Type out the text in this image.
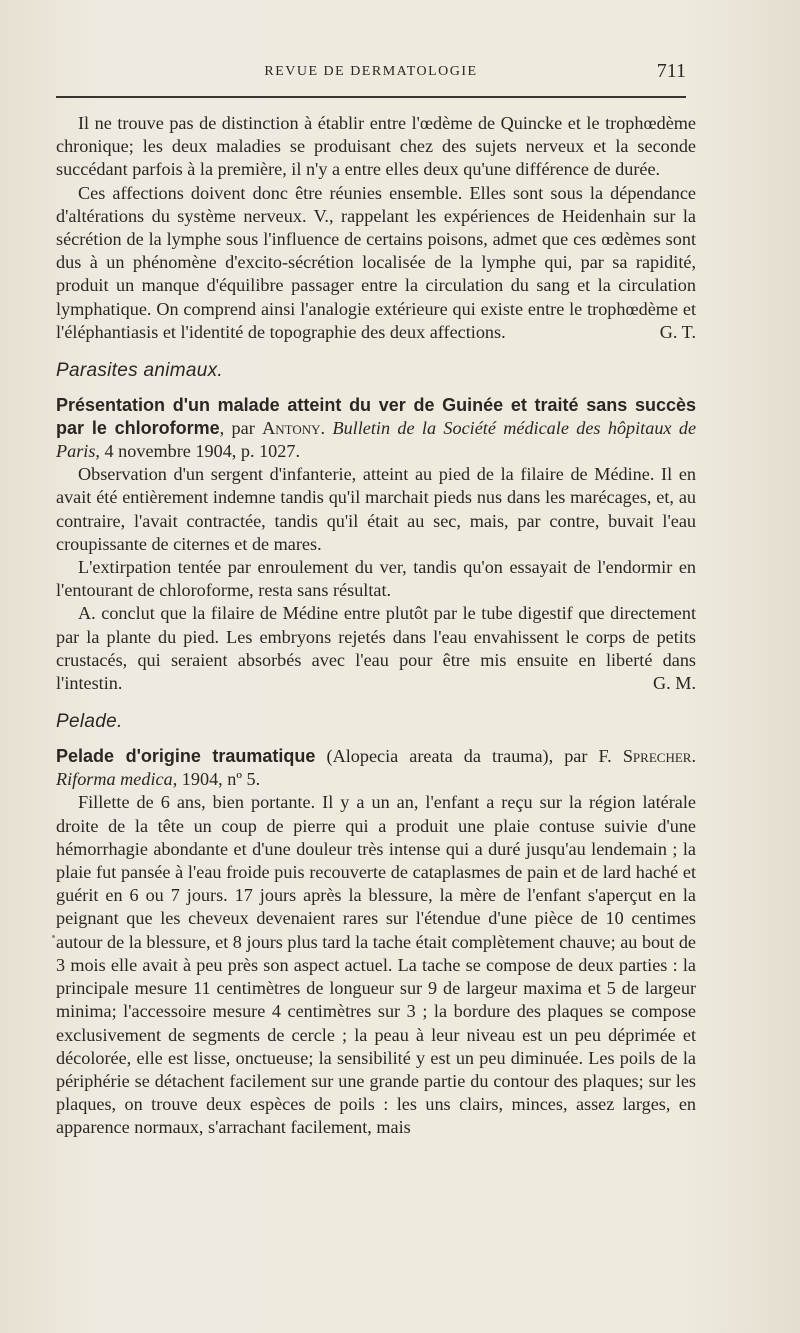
REVUE DE DERMATOLOGIE	711

Il ne trouve pas de distinction à établir entre l'œdème de Quincke et le trophœdème chronique; les deux maladies se produisant chez des sujets nerveux et la seconde succédant parfois à la première, il n'y a entre elles deux qu'une différence de durée.

Ces affections doivent donc être réunies ensemble. Elles sont sous la dépendance d'altérations du système nerveux. V., rappelant les expériences de Heidenhain sur la sécrétion de la lymphe sous l'influence de certains poisons, admet que ces œdèmes sont dus à un phénomène d'excito-sécrétion localisée de la lymphe qui, par sa rapidité, produit un manque d'équilibre passager entre la circulation du sang et la circulation lymphatique. On comprend ainsi l'analogie extérieure qui existe entre le trophœdème et l'éléphantiasis et l'identité de topographie des deux affections.	G. T.

Parasites animaux.

Présentation d'un malade atteint du ver de Guinée et traité sans succès par le chloroforme, par Antony. Bulletin de la Société médicale des hôpitaux de Paris, 4 novembre 1904, p. 1027.

Observation d'un sergent d'infanterie, atteint au pied de la filaire de Médine. Il en avait été entièrement indemne tandis qu'il marchait pieds nus dans les marécages, et, au contraire, l'avait contractée, tandis qu'il était au sec, mais, par contre, buvait l'eau croupissante de citernes et de mares.

L'extirpation tentée par enroulement du ver, tandis qu'on essayait de l'endormir en l'entourant de chloroforme, resta sans résultat.

A. conclut que la filaire de Médine entre plutôt par le tube digestif que directement par la plante du pied. Les embryons rejetés dans l'eau envahissent le corps de petits crustacés, qui seraient absorbés avec l'eau pour être mis ensuite en liberté dans l'intestin.	G. M.

Pelade.

Pelade d'origine traumatique (Alopecia areata da trauma), par F. Sprecher. Riforma medica, 1904, nº 5.

Fillette de 6 ans, bien portante. Il y a un an, l'enfant a reçu sur la région latérale droite de la tête un coup de pierre qui a produit une plaie contuse suivie d'une hémorrhagie abondante et d'une douleur très intense qui a duré jusqu'au lendemain ; la plaie fut pansée à l'eau froide puis recouverte de cataplasmes de pain et de lard haché et guérit en 6 ou 7 jours. 17 jours après la blessure, la mère de l'enfant s'aperçut en la peignant que les cheveux devenaient rares sur l'étendue d'une pièce de 10 centimes autour de la blessure, et 8 jours plus tard la tache était complètement chauve; au bout de 3 mois elle avait à peu près son aspect actuel. La tache se compose de deux parties : la principale mesure 11 centimètres de longueur sur 9 de largeur maxima et 5 de largeur minima; l'accessoire mesure 4 centimètres sur 3 ; la bordure des plaques se compose exclusivement de segments de cercle ; la peau à leur niveau est un peu déprimée et décolorée, elle est lisse, onctueuse; la sensibilité y est un peu diminuée. Les poils de la périphérie se détachent facilement sur une grande partie du contour des plaques; sur les plaques, on trouve deux espèces de poils : les uns clairs, minces, assez larges, en apparence normaux, s'arrachant facilement, mais
